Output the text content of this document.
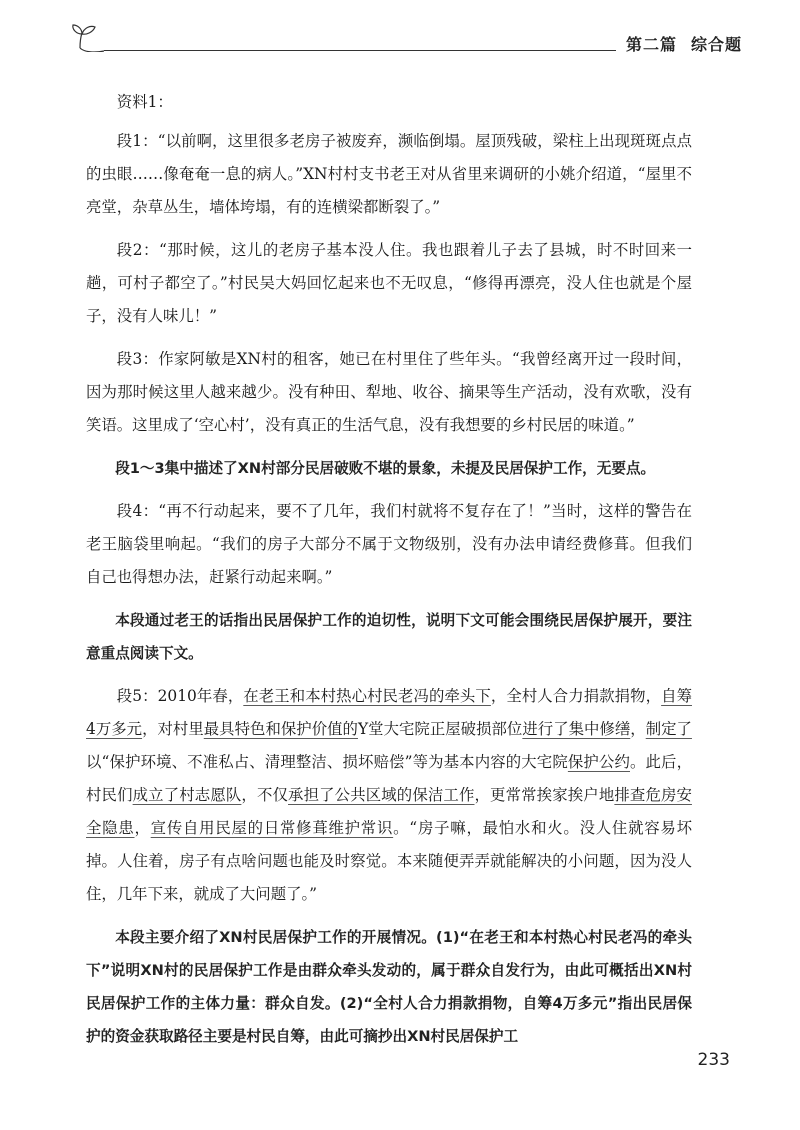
第二篇 综合题

资料1：

段1：“以前啊，这里很多老房子被废弃，濒临倒塌。屋顶残破，梁柱上出现斑斑点点的虫眼……像奄奄一息的病人。”XN村村支书老王对从省里来调研的小姚介绍道，“屋里不亮堂，杂草丛生，墙体垮塌，有的连横梁都断裂了。”

段2：“那时候，这儿的老房子基本没人住。我也跟着儿子去了县城，时不时回来一趟，可村子都空了。”村民吴大妈回忆起来也不无叹息，“修得再漂亮，没人住也就是个屋子，没有人味儿！”

段3：作家阿敏是XN村的租客，她已在村里住了些年头。“我曾经离开过一段时间，因为那时候这里人越来越少。没有种田、犁地、收谷、摘果等生产活动，没有欢歌，没有笑语。这里成了‘空心村’，没有真正的生活气息，没有我想要的乡村民居的味道。”

段1～3集中描述了XN村部分民居破败不堪的景象，未提及民居保护工作，无要点。

段4：“再不行动起来，要不了几年，我们村就将不复存在了！”当时，这样的警告在老王脑袋里响起。“我们的房子大部分不属于文物级别，没有办法申请经费修葺。但我们自己也得想办法，赶紧行动起来啊。”

本段通过老王的话指出民居保护工作的迫切性，说明下文可能会围绕民居保护展开，要注意重点阅读下文。

段5：2010年春，在老王和本村热心村民老冯的牵头下，全村人合力捐款捐物，自筹4万多元，对村里最具特色和保护价值的Y堂大宅院正屋破损部位进行了集中修缮，制定了以“保护环境、不准私占、清理整洁、损坏赔偿”等为基本内容的大宅院保护公约。此后，村民们成立了村志愿队，不仅承担了公共区域的保洁工作，更常常挨家挨户地排查危房安全隐患，宣传自用民屋的日常修葺维护常识。“房子嘛，最怕水和火。没人住就容易坏掉。人住着，房子有点啥问题也能及时察觉。本来随便弄弄就能解决的小问题，因为没人住，几年下来，就成了大问题了。”

本段主要介绍了XN村民居保护工作的开展情况。(1)“在老王和本村热心村民老冯的牵头下”说明XN村的民居保护工作是由群众牵头发动的，属于群众自发行为，由此可概括出XN村民居保护工作的主体力量：群众自发。(2)“全村人合力捐款捐物，自筹4万多元”指出民居保护的资金获取路径主要是村民自筹，由此可摘抄出XN村民居保护工

233
